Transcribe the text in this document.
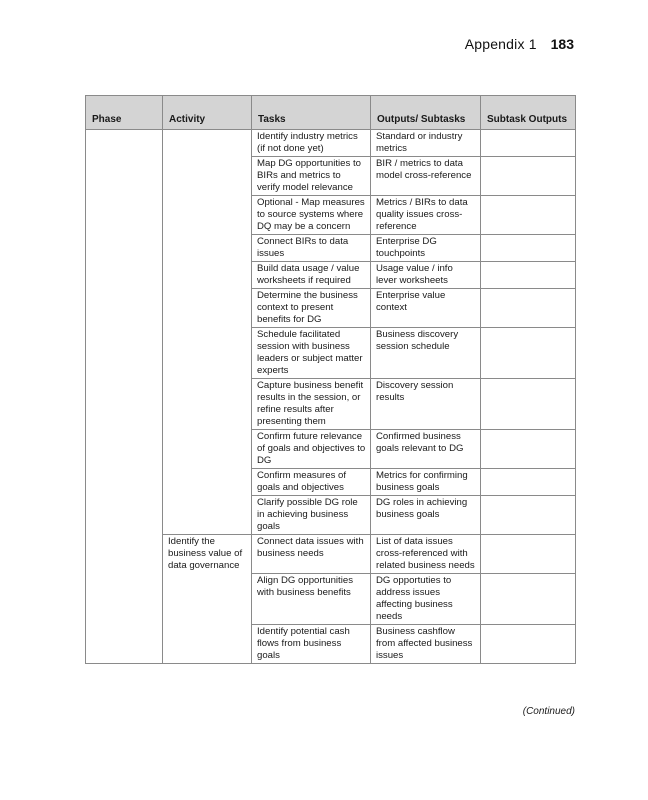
Appendix 1 183
Phase	Activity	Tasks	Outputs/ Subtasks	Subtask Outputs
		Identify industry metrics (if not done yet)	Standard or industry metrics	
		Map DG opportunities to BIRs and metrics to verify model relevance	BIR / metrics to data model cross-reference	
		Optional - Map measures to source systems where DQ may be a concern	Metrics / BIRs to data quality issues cross-reference	
		Connect BIRs to data issues	Enterprise DG touchpoints	
		Build data usage / value worksheets if required	Usage value / info lever worksheets	
		Determine the business context to present benefits for DG	Enterprise value context	
		Schedule facilitated session with business leaders or subject matter experts	Business discovery session schedule	
		Capture business benefit results in the session, or refine results after presenting them	Discovery session results	
		Confirm future relevance of goals and objectives to DG	Confirmed business goals relevant to DG	
		Confirm measures of goals and objectives	Metrics for confirming business goals	
		Clarify possible DG role in achieving business goals	DG roles in achieving business goals	
	Identify the business value of data governance	Connect data issues with business needs	List of data issues cross-referenced with related business needs	
		Align DG opportunities with business benefits	DG opportuties to address issues affecting business needs	
		Identify potential cash flows from business goals	Business cashflow from affected business issues	
(Continued)
